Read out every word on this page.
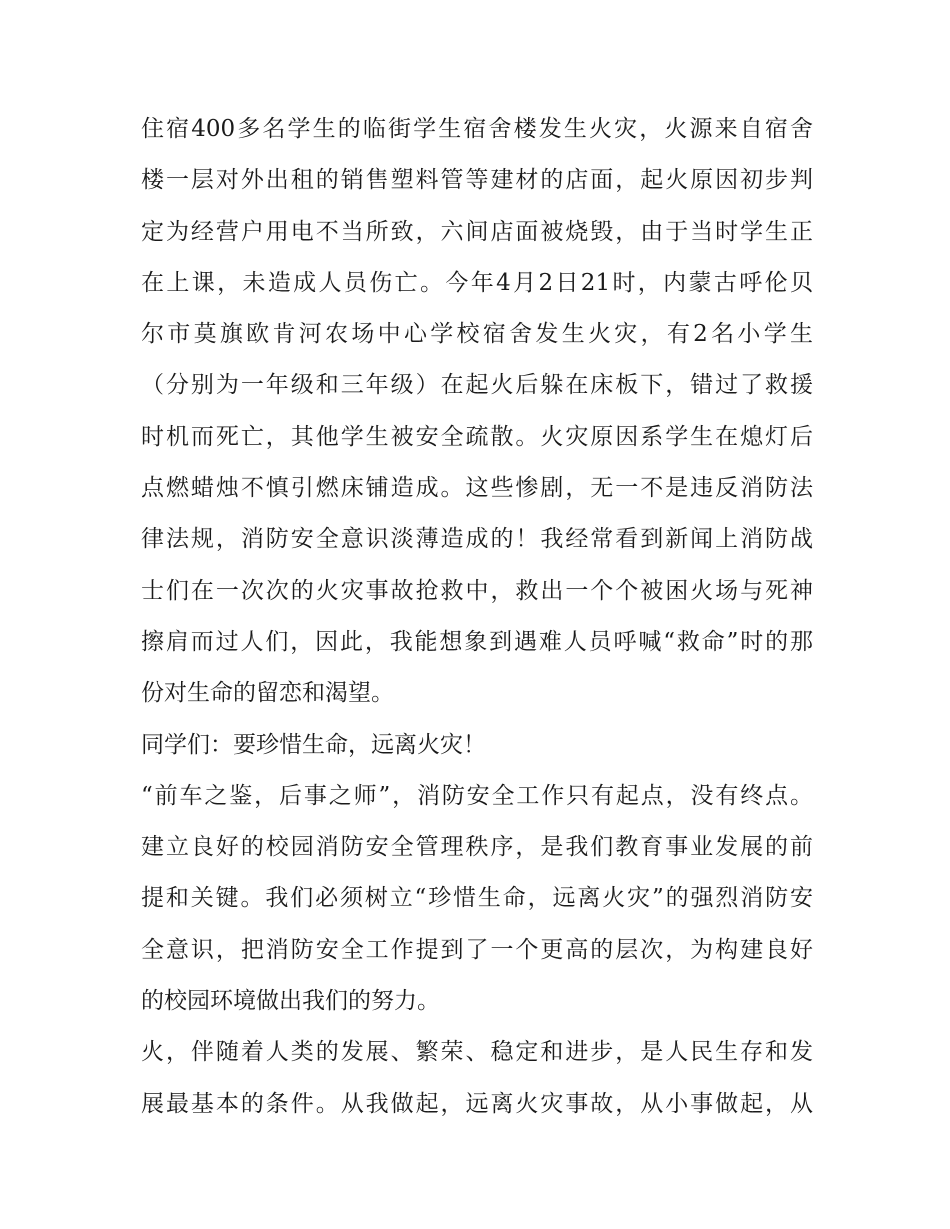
住宿400多名学生的临街学生宿舍楼发生火灾，火源来自宿舍
楼一层对外出租的销售塑料管等建材的店面，起火原因初步判
定为经营户用电不当所致，六间店面被烧毁，由于当时学生正
在上课，未造成人员伤亡。今年4月2日21时，内蒙古呼伦贝
尔市莫旗欧肯河农场中心学校宿舍发生火灾，有2名小学生
（分别为一年级和三年级）在起火后躲在床板下，错过了救援
时机而死亡，其他学生被安全疏散。火灾原因系学生在熄灯后
点燃蜡烛不慎引燃床铺造成。这些惨剧，无一不是违反消防法
律法规，消防安全意识淡薄造成的！我经常看到新闻上消防战
士们在一次次的火灾事故抢救中，救出一个个被困火场与死神
擦肩而过人们，因此，我能想象到遇难人员呼喊“救命”时的那
份对生命的留恋和渴望。
同学们：要珍惜生命，远离火灾！
“前车之鉴，后事之师”，消防安全工作只有起点，没有终点。
建立良好的校园消防安全管理秩序，是我们教育事业发展的前
提和关键。我们必须树立“珍惜生命，远离火灾”的强烈消防安
全意识，把消防安全工作提到了一个更高的层次，为构建良好
的校园环境做出我们的努力。
火，伴随着人类的发展、繁荣、稳定和进步，是人民生存和发
展最基本的条件。从我做起，远离火灾事故，从小事做起，从
